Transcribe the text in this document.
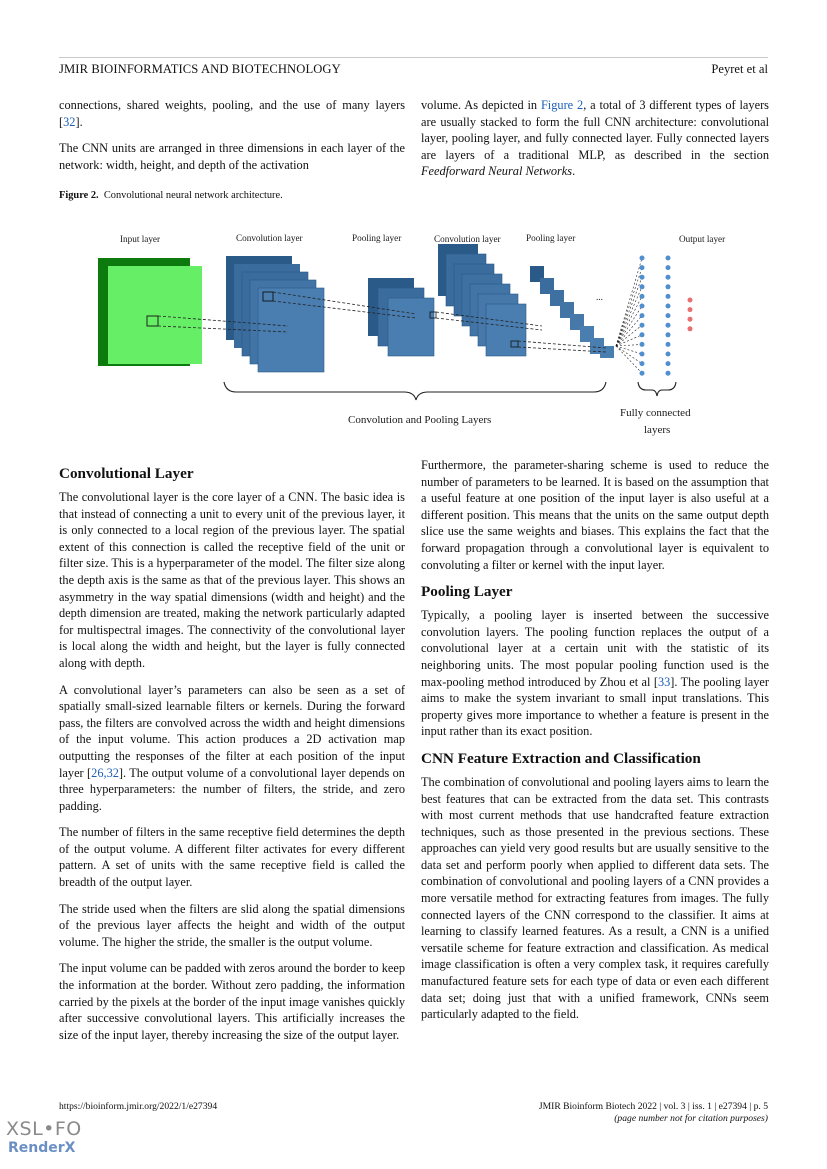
JMIR BIOINFORMATICS AND BIOTECHNOLOGY	Peyret et al

connections, shared weights, pooling, and the use of many layers [32].

The CNN units are arranged in three dimensions in each layer of the network: width, height, and depth of the activation

volume. As depicted in Figure 2, a total of 3 different types of layers are usually stacked to form the full CNN architecture: convolutional layer, pooling layer, and fully connected layer. Fully connected layers are layers of a traditional MLP, as described in the section Feedforward Neural Networks.

Figure 2. Convolutional neural network architecture.
Input layer	Convolution layer	Pooling layer	Convolution layer	Pooling layer	Output layer
...
Convolution and Pooling Layers
Fully connected
layers
Convolutional Layer

The convolutional layer is the core layer of a CNN. The basic idea is that instead of connecting a unit to every unit of the previous layer, it is only connected to a local region of the previous layer. The spatial extent of this connection is called the receptive field of the unit or filter size. This is a hyperparameter of the model. The filter size along the depth axis is the same as that of the previous layer. This shows an asymmetry in the way spatial dimensions (width and height) and the depth dimension are treated, making the network particularly adapted for multispectral images. The connectivity of the convolutional layer is local along the width and height, but the layer is fully connected along with depth.

A convolutional layer’s parameters can also be seen as a set of spatially small-sized learnable filters or kernels. During the forward pass, the filters are convolved across the width and height dimensions of the input volume. This action produces a 2D activation map outputting the responses of the filter at each position of the input layer [26,32]. The output volume of a convolutional layer depends on three hyperparameters: the number of filters, the stride, and zero padding.

The number of filters in the same receptive field determines the depth of the output volume. A different filter activates for every different pattern. A set of units with the same receptive field is called the breadth of the output layer.

The stride used when the filters are slid along the spatial dimensions of the previous layer affects the height and width of the output volume. The higher the stride, the smaller is the output volume.

The input volume can be padded with zeros around the border to keep the information at the border. Without zero padding, the information carried by the pixels at the border of the input image vanishes quickly after successive convolutional layers. This artificially increases the size of the input layer, thereby increasing the size of the output layer.

Furthermore, the parameter-sharing scheme is used to reduce the number of parameters to be learned. It is based on the assumption that a useful feature at one position of the input layer is also useful at a different position. This means that the units on the same output depth slice use the same weights and biases. This explains the fact that the forward propagation through a convolutional layer is equivalent to convoluting a filter or kernel with the input layer.

Pooling Layer

Typically, a pooling layer is inserted between the successive convolution layers. The pooling function replaces the output of a convolutional layer at a certain unit with the statistic of its neighboring units. The most popular pooling function used is the max-pooling method introduced by Zhou et al [33]. The pooling layer aims to make the system invariant to small input translations. This property gives more importance to whether a feature is present in the input rather than its exact position.

CNN Feature Extraction and Classification

The combination of convolutional and pooling layers aims to learn the best features that can be extracted from the data set. This contrasts with most current methods that use handcrafted feature extraction techniques, such as those presented in the previous sections. These approaches can yield very good results but are usually sensitive to the data set and perform poorly when applied to different data sets. The combination of convolutional and pooling layers of a CNN provides a more versatile method for extracting features from images. The fully connected layers of the CNN correspond to the classifier. It aims at learning to classify learned features. As a result, a CNN is a unified versatile scheme for feature extraction and classification. As medical image classification is often a very complex task, it requires carefully manufactured feature sets for each type of data or even each different data set; doing just that with a unified framework, CNNs seem particularly adapted to the field.

https://bioinform.jmir.org/2022/1/e27394	JMIR Bioinform Biotech 2022 | vol. 3 | iss. 1 | e27394 | p. 5
(page number not for citation purposes)
XSL•FO
RenderX
